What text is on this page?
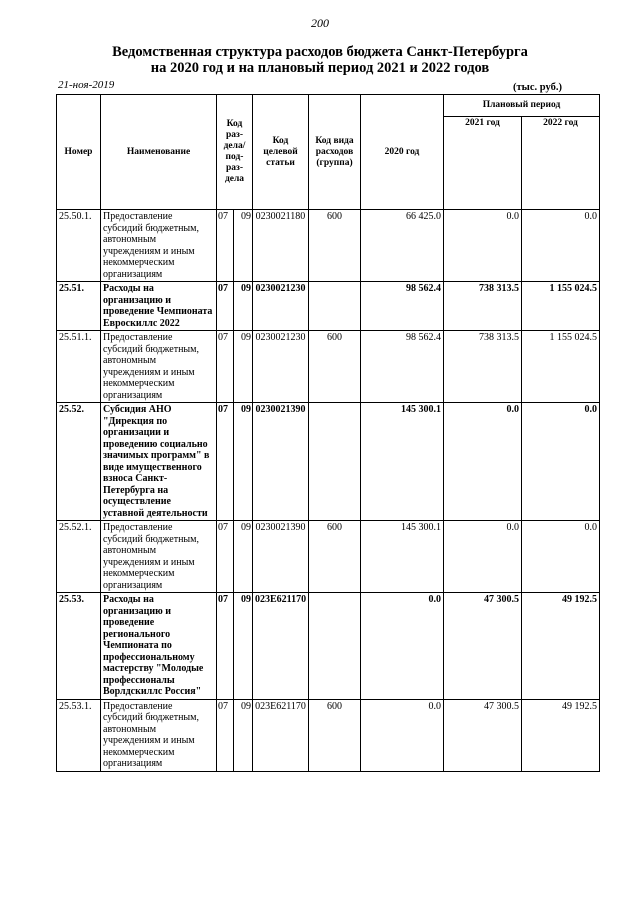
200
Ведомственная структура расходов бюджета Санкт-Петербурга
на 2020 год и на плановый период 2021 и 2022 годов
21-ноя-2019	(тыс. руб.)
Номер	Наименование	Код раз- дела/ под- раз- дела		Код целевой статьи	Код вида расходов (группа)	2020 год	Плановый период	
							2021 год	2022 год
25.50.1.	Предоставление субсидий бюджетным, автономным учреждениям и иным некоммерческим организациям	07	09	0230021180	600	66 425.0	0.0	0.0
25.51.	Расходы на организацию и проведение Чемпионата Евроскиллс 2022	07	09	0230021230		98 562.4	738 313.5	1 155 024.5
25.51.1.	Предоставление субсидий бюджетным, автономным учреждениям и иным некоммерческим организациям	07	09	0230021230	600	98 562.4	738 313.5	1 155 024.5
25.52.	Субсидия АНО "Дирекция по организации и проведению социально значимых программ" в виде имущественного взноса Санкт-Петербурга на осуществление уставной деятельности	07	09	0230021390		145 300.1	0.0	0.0
25.52.1.	Предоставление субсидий бюджетным, автономным учреждениям и иным некоммерческим организациям	07	09	0230021390	600	145 300.1	0.0	0.0
25.53.	Расходы на организацию и проведение регионального Чемпионата по профессиональному мастерству "Молодые профессионалы Ворлдскиллс Россия"	07	09	023E621170		0.0	47 300.5	49 192.5
25.53.1.	Предоставление субсидий бюджетным, автономным учреждениям и иным некоммерческим организациям	07	09	023E621170	600	0.0	47 300.5	49 192.5
